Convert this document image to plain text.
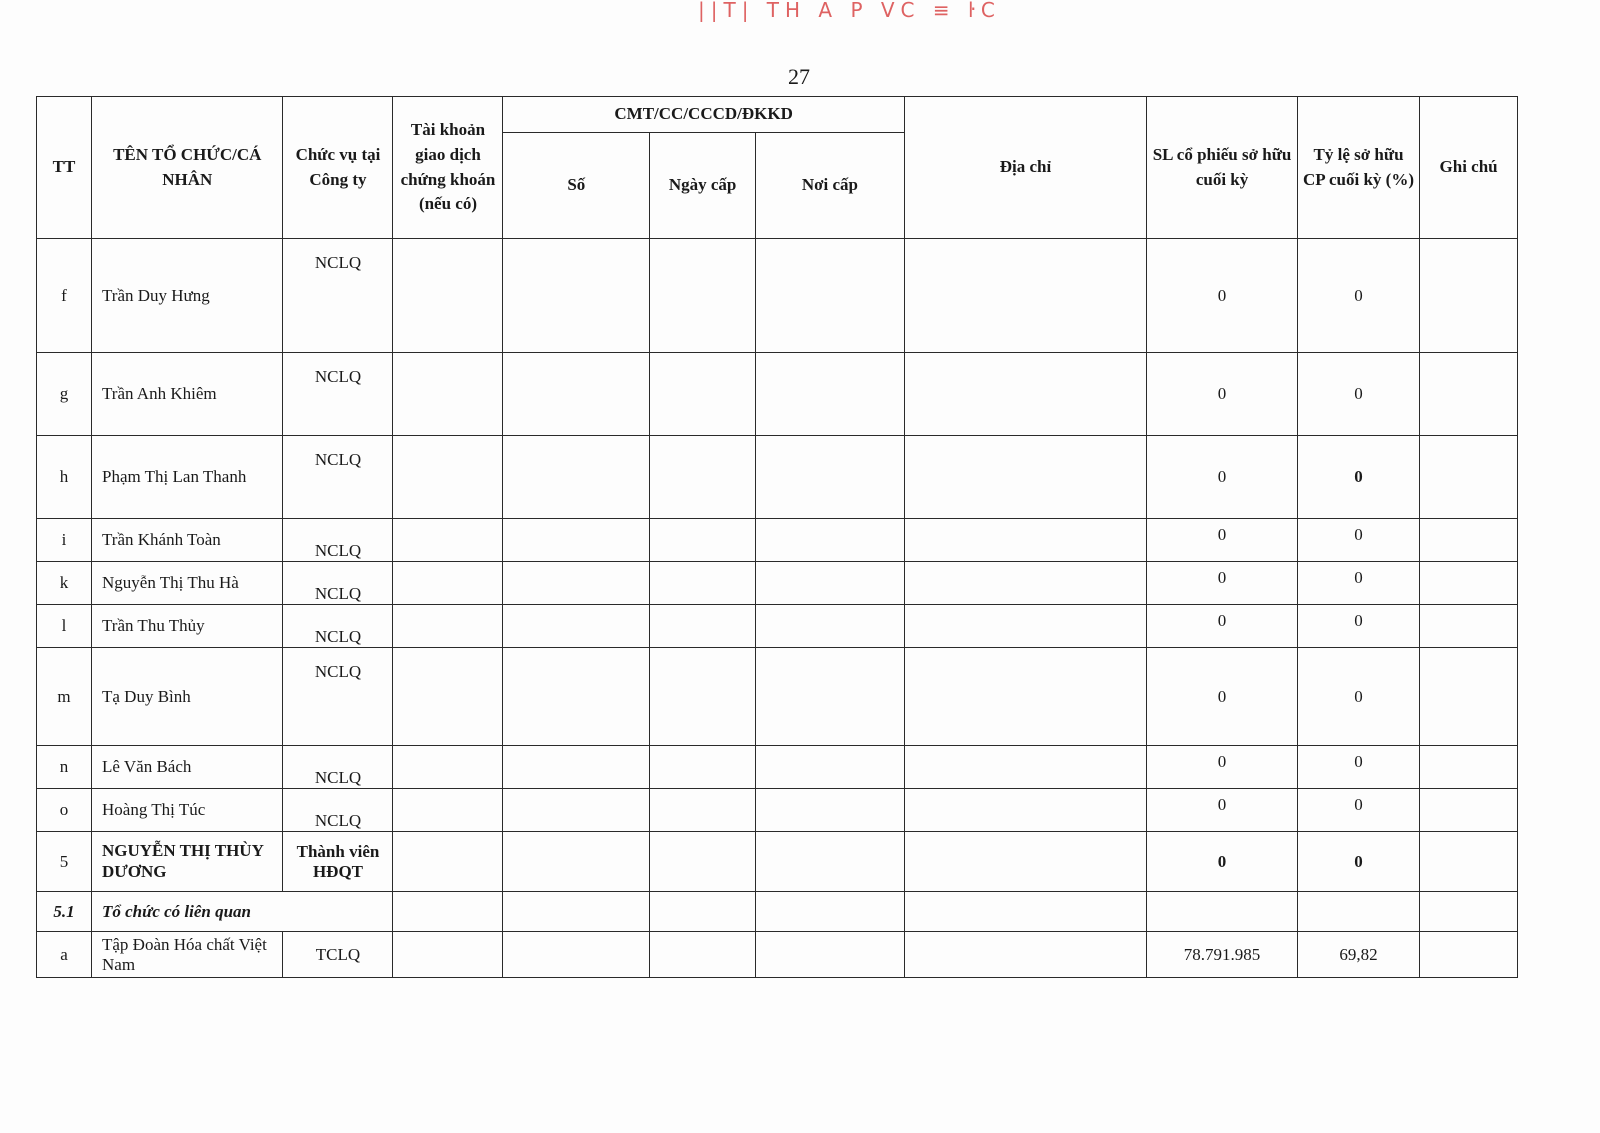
||T| TH A P VC ≡ ŀC
27
TT	TÊN TỔ CHỨC/CÁ NHÂN	Chức vụ tại Công ty	Tài khoản giao dịch chứng khoán (nếu có)	CMT/CC/CCCD/ĐKKD			Địa chỉ	SL cổ phiếu sở hữu cuối kỳ	Tỷ lệ sở hữu CP cuối kỳ (%)	Ghi chú
				Số	Ngày cấp	Nơi cấp				
f	Trần Duy Hưng	NCLQ						0	0	
g	Trần Anh Khiêm	NCLQ						0	0	
h	Phạm Thị Lan Thanh	NCLQ						0	0	
i	Trần Khánh Toàn	NCLQ						0	0	
k	Nguyễn Thị Thu Hà	NCLQ						0	0	
l	Trần Thu Thủy	NCLQ						0	0	
m	Tạ Duy Bình	NCLQ						0	0	
n	Lê Văn Bách	NCLQ						0	0	
o	Hoàng Thị Túc	NCLQ						0	0	
5	NGUYỄN THỊ THÙY DƯƠNG	Thành viên HĐQT						0	0	
5.1	Tổ chức có liên quan									
a	Tập Đoàn Hóa chất Việt Nam	TCLQ						78.791.985	69,82	
